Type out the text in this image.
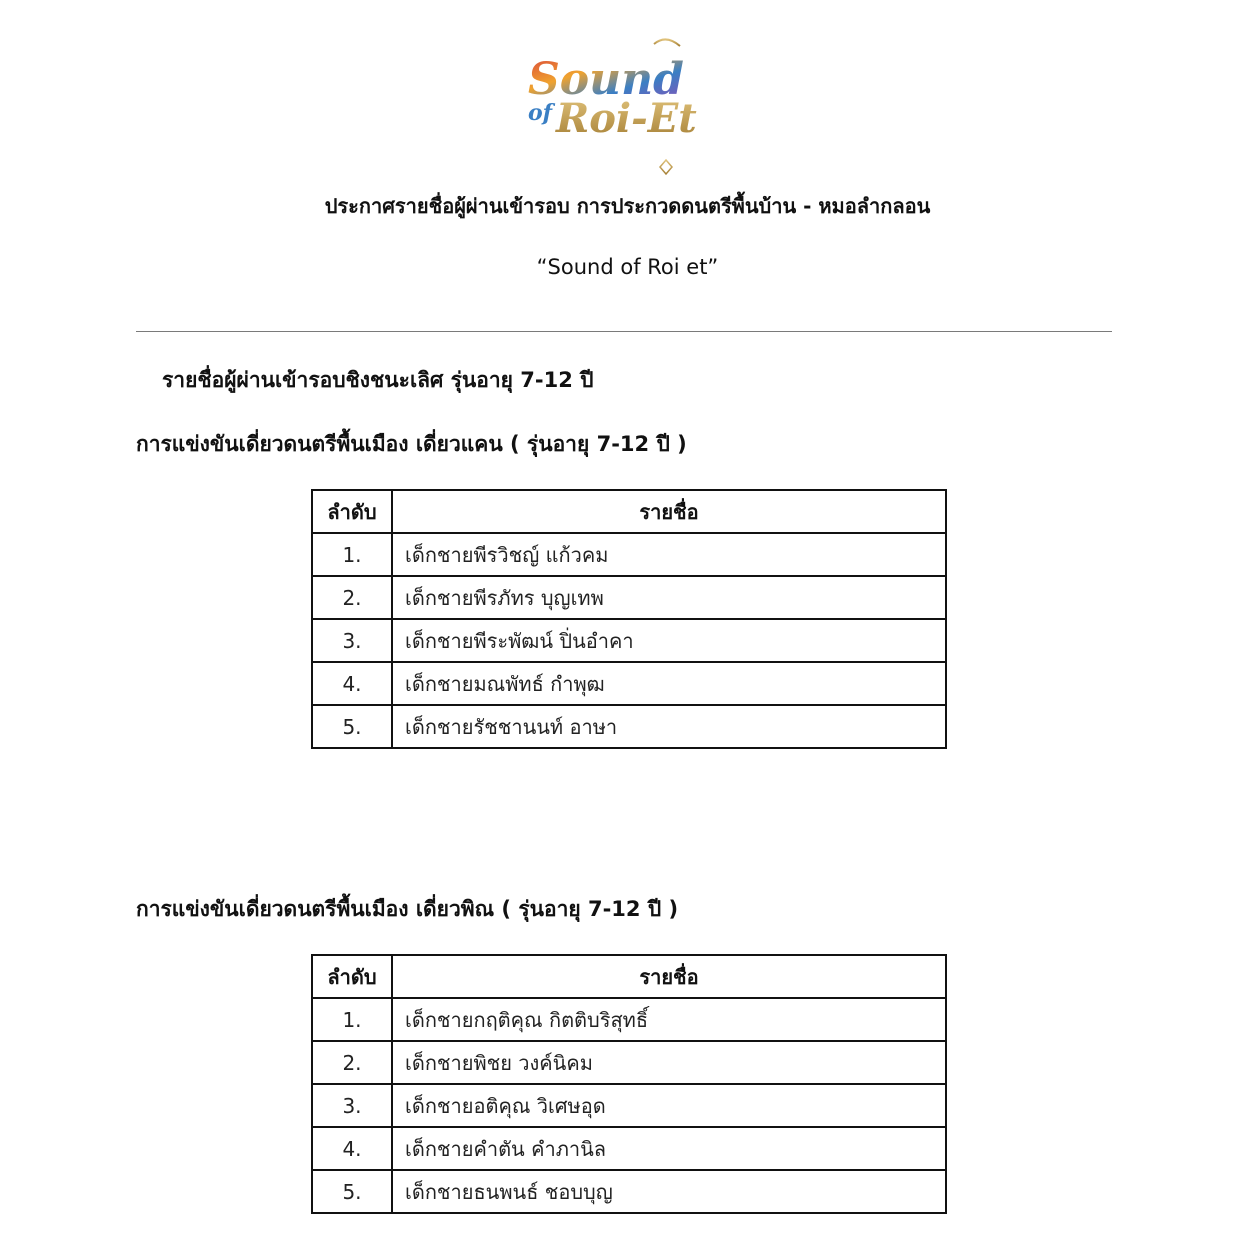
Sound
of Roi-Et
ประกาศรายชื่อผู้ผ่านเข้ารอบ การประกวดดนตรีพื้นบ้าน - หมอลำกลอน
“Sound of Roi et”
รายชื่อผู้ผ่านเข้ารอบชิงชนะเลิศ รุ่นอายุ 7-12 ปี
การแข่งขันเดี่ยวดนตรีพื้นเมือง เดี่ยวแคน ( รุ่นอายุ 7-12 ปี )
ลำดับ	รายชื่อ
1.	เด็กชายพีรวิชญ์ แก้วคม
2.	เด็กชายพีรภัทร บุญเทพ
3.	เด็กชายพีระพัฒน์ ปิ่นอำคา
4.	เด็กชายมณพัทธ์ กำพุฒ
5.	เด็กชายรัชชานนท์ อาษา
การแข่งขันเดี่ยวดนตรีพื้นเมือง เดี่ยวพิณ ( รุ่นอายุ 7-12 ปี )
ลำดับ	รายชื่อ
1.	เด็กชายกฤติคุณ กิตติบริสุทธิ์
2.	เด็กชายพิชย วงค์นิคม
3.	เด็กชายอติคุณ วิเศษอุด
4.	เด็กชายคำตัน คำภานิล
5.	เด็กชายธนพนธ์ ชอบบุญ
